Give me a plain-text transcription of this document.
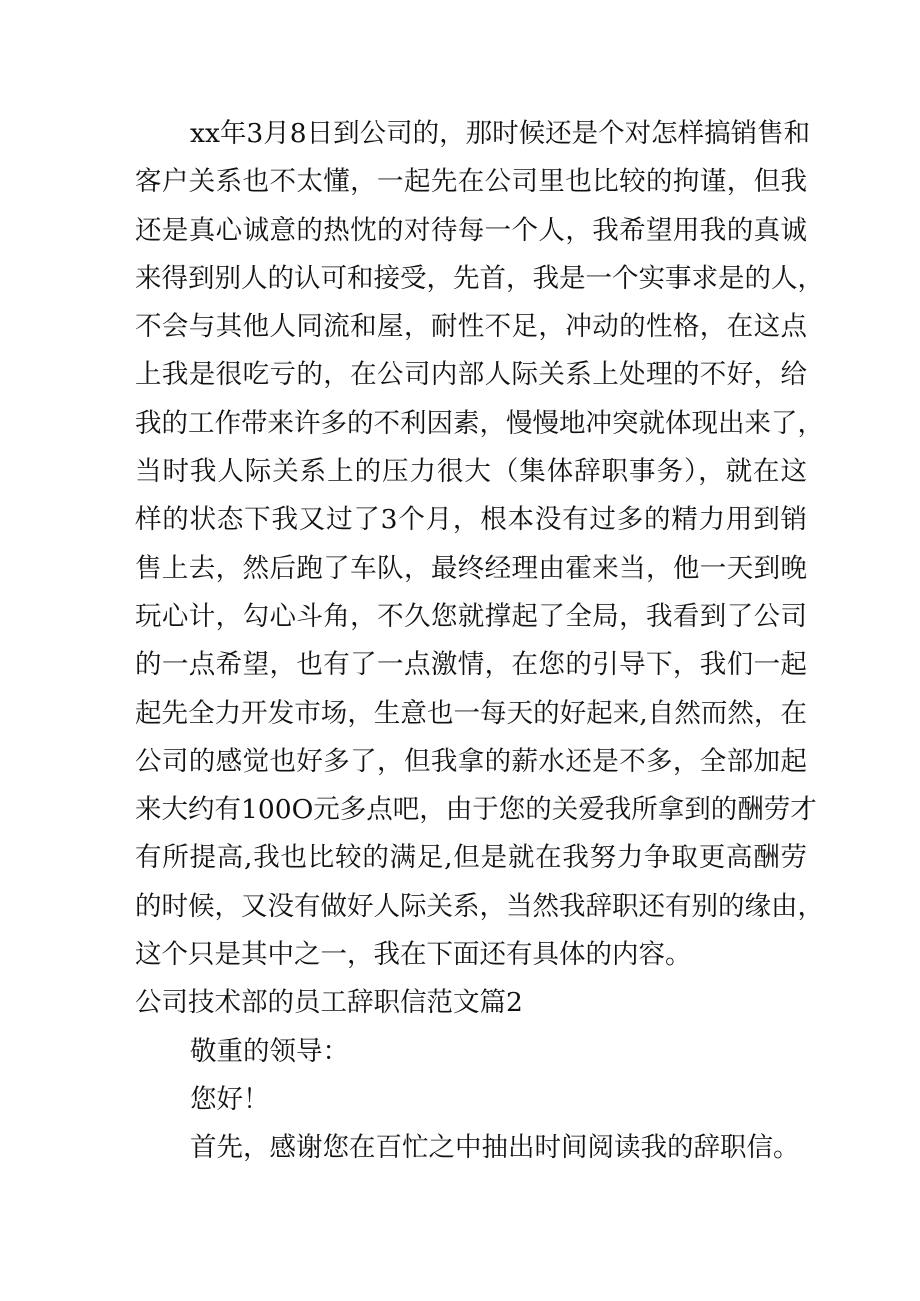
xx年3月8日到公司的，那时候还是个对怎样搞销售和
客户关系也不太懂，一起先在公司里也比较的拘谨，但我
还是真心诚意的热忱的对待每一个人，我希望用我的真诚
来得到别人的认可和接受，先首，我是一个实事求是的人，
不会与其他人同流和屋，耐性不足，冲动的性格，在这点
上我是很吃亏的，在公司内部人际关系上处理的不好，给
我的工作带来许多的不利因素，慢慢地冲突就体现出来了，
当时我人际关系上的压力很大（集体辞职事务），就在这
样的状态下我又过了3个月，根本没有过多的精力用到销
售上去，然后跑了车队，最终经理由霍来当，他一天到晚
玩心计，勾心斗角，不久您就撑起了全局，我看到了公司
的一点希望，也有了一点激情，在您的引导下，我们一起
起先全力开发市场，生意也一每天的好起来,自然而然，在
公司的感觉也好多了，但我拿的薪水还是不多，全部加起
来大约有100O元多点吧，由于您的关爱我所拿到的酬劳才
有所提高,我也比较的满足,但是就在我努力争取更高酬劳
的时候，又没有做好人际关系，当然我辞职还有别的缘由，
这个只是其中之一，我在下面还有具体的内容。
公司技术部的员工辞职信范文篇2
敬重的领导：
您好！
首先，感谢您在百忙之中抽出时间阅读我的辞职信。
